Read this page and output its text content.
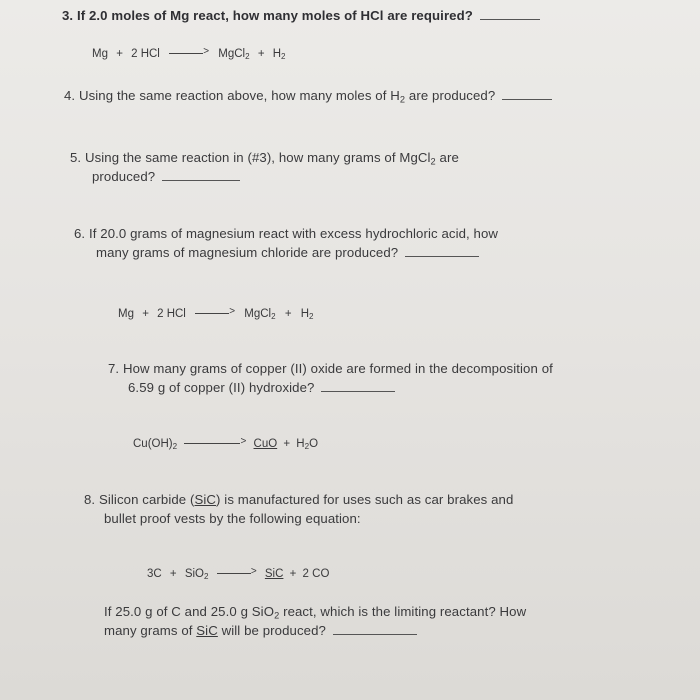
3. If 2.0 moles of Mg react, how many moles of HCl are required?
Mg + 2 HCl	> MgCl$_2$ + $H_2$
4. Using the same reaction above, how many moles of $H_2$ are produced?
5. Using the same reaction in (#3), how many grams of MgCl$_2$ are
produced?
6. If 20.0 grams of magnesium react with excess hydrochloric acid, how
many grams of magnesium chloride are produced?
Mg + 2 HCl	> MgCl$_2$ + $H_2$
7. How many grams of copper (II) oxide are formed in the decomposition of
6.59 g of copper (II) hydroxide?
$Cu(OH)_2$	> CuO + $H_2O$
8. Silicon carbide (SiC) is manufactured for uses such as car brakes and
bullet proof vests by the following equation:
3C + SiO$_2$	> SiC + 2 CO
If 25.0 g of C and 25.0 g SiO$_2$ react, which is the limiting reactant? How
many grams of SiC will be produced?
